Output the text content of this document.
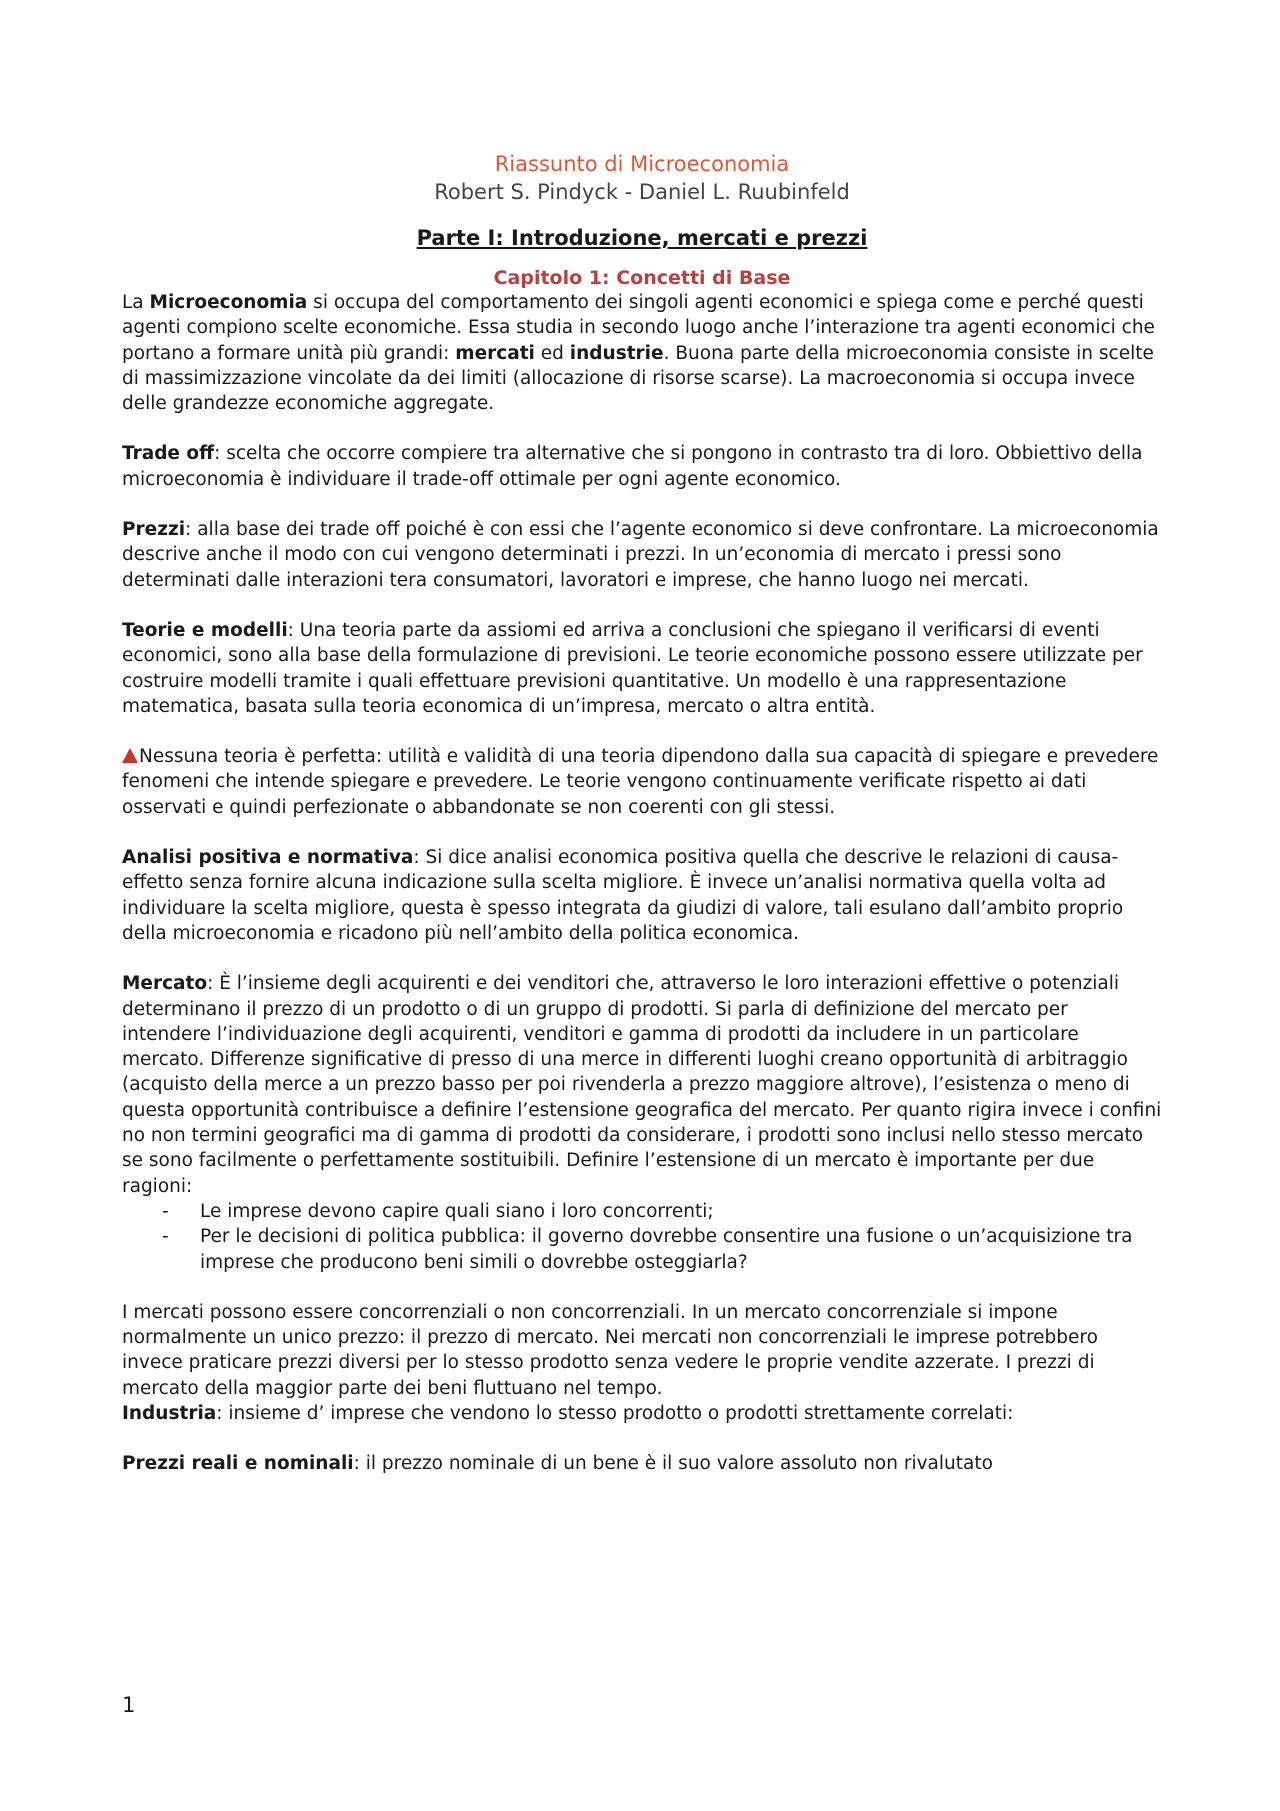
Riassunto di Microeconomia
Robert S. Pindyck - Daniel L. Ruubinfeld
Parte I: Introduzione, mercati e prezzi
Capitolo 1: Concetti di Base

La Microeconomia si occupa del comportamento dei singoli agenti economici e spiega come e perché questi agenti compiono scelte economiche. Essa studia in secondo luogo anche l’interazione tra agenti economici che portano a formare unità più grandi: mercati ed industrie. Buona parte della microeconomia consiste in scelte di massimizzazione vincolate da dei limiti (allocazione di risorse scarse). La macroeconomia si occupa invece delle grandezze economiche aggregate.

Trade off: scelta che occorre compiere tra alternative che si pongono in contrasto tra di loro. Obbiettivo della microeconomia è individuare il trade-off ottimale per ogni agente economico.

Prezzi: alla base dei trade off poiché è con essi che l’agente economico si deve confrontare. La microeconomia descrive anche il modo con cui vengono determinati i prezzi. In un’economia di mercato i pressi sono determinati dalle interazioni tera consumatori, lavoratori e imprese, che hanno luogo nei mercati.

Teorie e modelli: Una teoria parte da assiomi ed arriva a conclusioni che spiegano il verificarsi di eventi economici, sono alla base della formulazione di previsioni. Le teorie economiche possono essere utilizzate per costruire modelli tramite i quali effettuare previsioni quantitative. Un modello è una rappresentazione matematica, basata sulla teoria economica di un’impresa, mercato o altra entità.

Nessuna teoria è perfetta: utilità e validità di una teoria dipendono dalla sua capacità di spiegare e prevedere fenomeni che intende spiegare e prevedere. Le teorie vengono continuamente verificate rispetto ai dati osservati e quindi perfezionate o abbandonate se non coerenti con gli stessi.

Analisi positiva e normativa: Si dice analisi economica positiva quella che descrive le relazioni di causa-effetto senza fornire alcuna indicazione sulla scelta migliore. È invece un’analisi normativa quella volta ad individuare la scelta migliore, questa è spesso integrata da giudizi di valore, tali esulano dall’ambito proprio della microeconomia e ricadono più nell’ambito della politica economica.

Mercato: È l’insieme degli acquirenti e dei venditori che, attraverso le loro interazioni effettive o potenziali determinano il prezzo di un prodotto o di un gruppo di prodotti. Si parla di definizione del mercato per intendere l’individuazione degli acquirenti, venditori e gamma di prodotti da includere in un particolare mercato. Differenze significative di presso di una merce in differenti luoghi creano opportunità di arbitraggio (acquisto della merce a un prezzo basso per poi rivenderla a prezzo maggiore altrove), l’esistenza o meno di questa opportunità contribuisce a definire l’estensione geografica del mercato. Per quanto rigira invece i confini no non termini geografici ma di gamma di prodotti da considerare, i prodotti sono inclusi nello stesso mercato se sono facilmente o perfettamente sostituibili. Definire l’estensione di un mercato è importante per due ragioni:

- Le imprese devono capire quali siano i loro concorrenti;
- Per le decisioni di politica pubblica: il governo dovrebbe consentire una fusione o un’acquisizione tra imprese che producono beni simili o dovrebbe osteggiarla?

I mercati possono essere concorrenziali o non concorrenziali. In un mercato concorrenziale si impone normalmente un unico prezzo: il prezzo di mercato. Nei mercati non concorrenziali le imprese potrebbero invece praticare prezzi diversi per lo stesso prodotto senza vedere le proprie vendite azzerate. I prezzi di mercato della maggior parte dei beni fluttuano nel tempo.

Industria: insieme d’ imprese che vendono lo stesso prodotto o prodotti strettamente correlati:

Prezzi reali e nominali: il prezzo nominale di un bene è il suo valore assoluto non rivalutato

1
